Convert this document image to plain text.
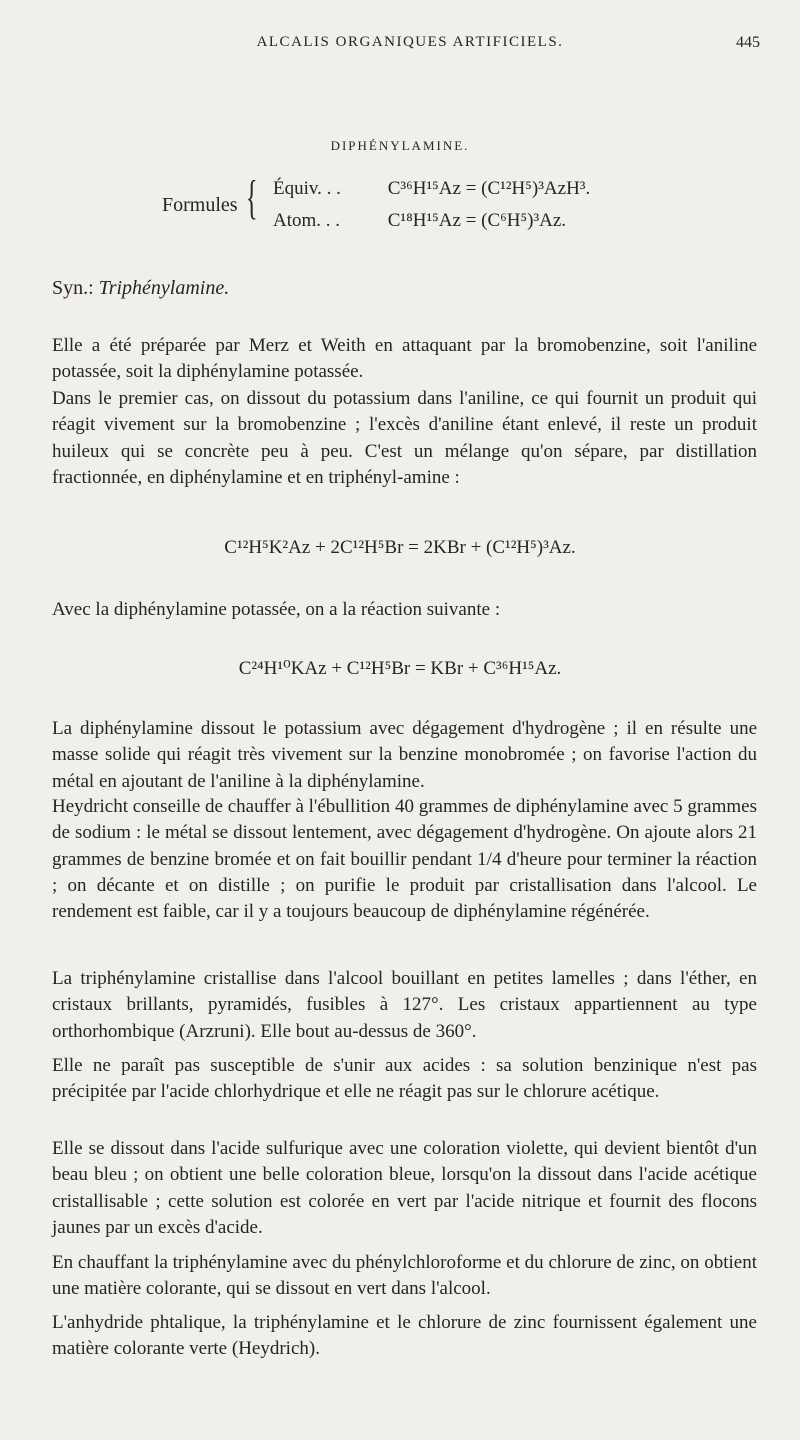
ALCALIS ORGANIQUES ARTIFICIELS.	445
DIPHÉNYLAMINE.
Formules { Équiv. . . C³⁶H¹⁵Az = (C¹²H⁵)³AzH³.
Atom. . .	C¹⁸H¹⁵Az = (C⁶H⁵)³Az.
Syn.: Triphénylamine.

Elle a été préparée par Merz et Weith en attaquant par la bromobenzine, soit l'aniline potassée, soit la diphénylamine potassée.

Dans le premier cas, on dissout du potassium dans l'aniline, ce qui fournit un produit qui réagit vivement sur la bromobenzine ; l'excès d'aniline étant enlevé, il reste un produit huileux qui se concrète peu à peu. C'est un mélange qu'on sépare, par distillation fractionnée, en diphénylamine et en triphényl-amine :

C¹²H⁵K²Az + 2C¹²H⁵Br = 2KBr + (C¹²H⁵)³Az.

Avec la diphénylamine potassée, on a la réaction suivante :

C²⁴H¹⁰KAz + C¹²H⁵Br = KBr + C³⁶H¹⁵Az.

La diphénylamine dissout le potassium avec dégagement d'hydrogène ; il en résulte une masse solide qui réagit très vivement sur la benzine monobromée ; on favorise l'action du métal en ajoutant de l'aniline à la diphénylamine.

Heydricht conseille de chauffer à l'ébullition 40 grammes de diphénylamine avec 5 grammes de sodium : le métal se dissout lentement, avec dégagement d'hydrogène. On ajoute alors 21 grammes de benzine bromée et on fait bouillir pendant 1/4 d'heure pour terminer la réaction ; on décante et on distille ; on purifie le produit par cristallisation dans l'alcool. Le rendement est faible, car il y a toujours beaucoup de diphénylamine régénérée.

La triphénylamine cristallise dans l'alcool bouillant en petites lamelles ; dans l'éther, en cristaux brillants, pyramidés, fusibles à 127°. Les cristaux appartiennent au type orthorhombique (Arzruni). Elle bout au-dessus de 360°.

Elle ne paraît pas susceptible de s'unir aux acides : sa solution benzinique n'est pas précipitée par l'acide chlorhydrique et elle ne réagit pas sur le chlorure acétique.

Elle se dissout dans l'acide sulfurique avec une coloration violette, qui devient bientôt d'un beau bleu ; on obtient une belle coloration bleue, lorsqu'on la dissout dans l'acide acétique cristallisable ; cette solution est colorée en vert par l'acide nitrique et fournit des flocons jaunes par un excès d'acide.

En chauffant la triphénylamine avec du phénylchloroforme et du chlorure de zinc, on obtient une matière colorante, qui se dissout en vert dans l'alcool.

L'anhydride phtalique, la triphénylamine et le chlorure de zinc fournissent également une matière colorante verte (Heydrich).
